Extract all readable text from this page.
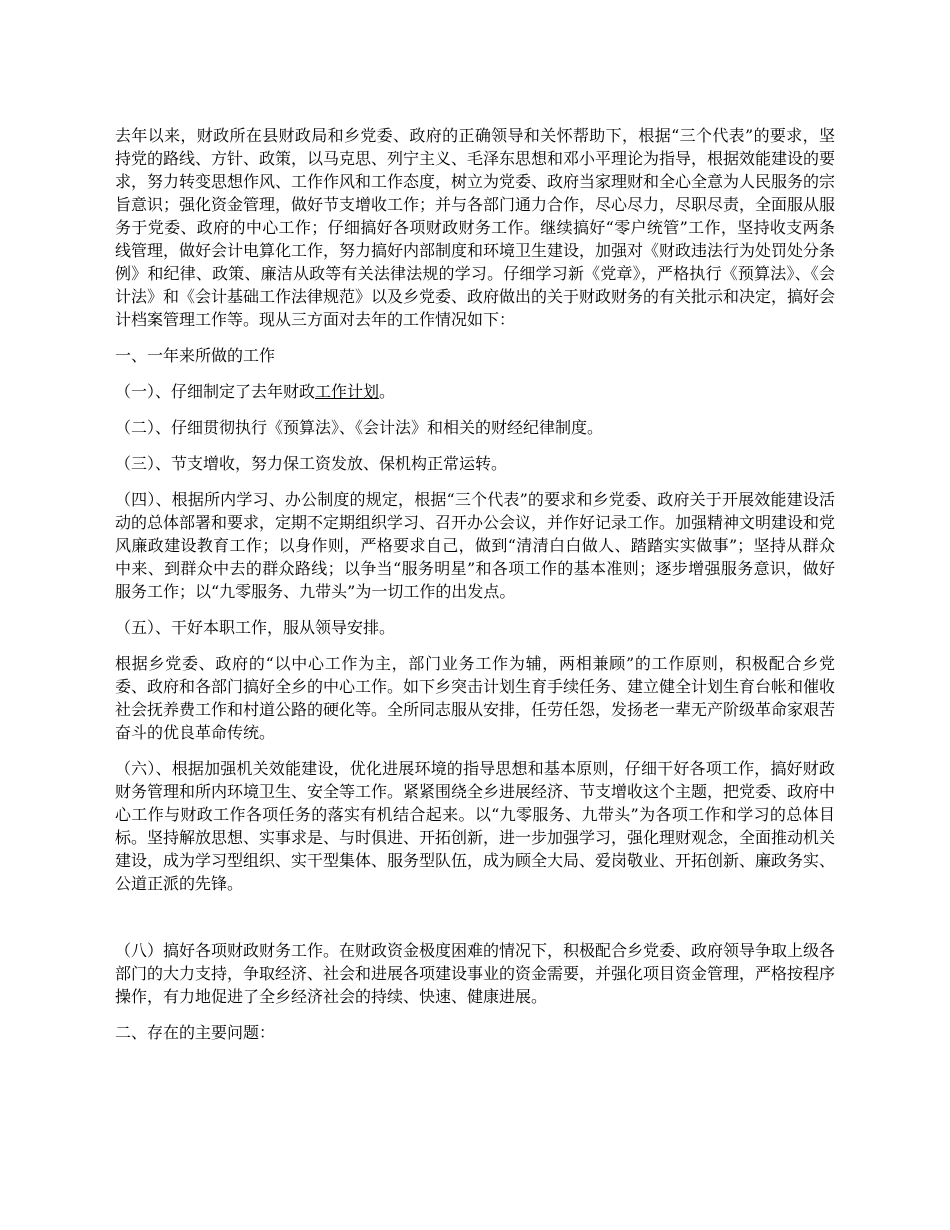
去年以来，财政所在县财政局和乡党委、政府的正确领导和关怀帮助下，根据“三个代表”的要求，坚持党的路线、方针、政策，以马克思、列宁主义、毛泽东思想和邓小平理论为指导，根据效能建设的要求，努力转变思想作风、工作作风和工作态度，树立为党委、政府当家理财和全心全意为人民服务的宗旨意识；强化资金管理，做好节支增收工作；并与各部门通力合作，尽心尽力，尽职尽责，全面服从服务于党委、政府的中心工作；仔细搞好各项财政财务工作。继续搞好“零户统管”工作，坚持收支两条线管理，做好会计电算化工作，努力搞好内部制度和环境卫生建设，加强对《财政违法行为处罚处分条例》和纪律、政策、廉洁从政等有关法律法规的学习。仔细学习新《党章》，严格执行《预算法》、《会计法》和《会计基础工作法律规范》以及乡党委、政府做出的关于财政财务的有关批示和决定，搞好会计档案管理工作等。现从三方面对去年的工作情况如下：

一、一年来所做的工作

（一）、仔细制定了去年财政工作计划。

（二）、仔细贯彻执行《预算法》、《会计法》和相关的财经纪律制度。

（三）、节支增收，努力保工资发放、保机构正常运转。

（四）、根据所内学习、办公制度的规定，根据“三个代表”的要求和乡党委、政府关于开展效能建设活动的总体部署和要求，定期不定期组织学习、召开办公会议，并作好记录工作。加强精神文明建设和党风廉政建设教育工作；以身作则，严格要求自己，做到“清清白白做人、踏踏实实做事”；坚持从群众中来、到群众中去的群众路线；以争当“服务明星”和各项工作的基本准则；逐步增强服务意识，做好服务工作；以“九零服务、九带头”为一切工作的出发点。

（五）、干好本职工作，服从领导安排。

根据乡党委、政府的“以中心工作为主，部门业务工作为辅，两相兼顾”的工作原则，积极配合乡党委、政府和各部门搞好全乡的中心工作。如下乡突击计划生育手续任务、建立健全计划生育台帐和催收社会抚养费工作和村道公路的硬化等。全所同志服从安排，任劳任怨，发扬老一辈无产阶级革命家艰苦奋斗的优良革命传统。

（六）、根据加强机关效能建设，优化进展环境的指导思想和基本原则，仔细干好各项工作，搞好财政财务管理和所内环境卫生、安全等工作。紧紧围绕全乡进展经济、节支增收这个主题，把党委、政府中心工作与财政工作各项任务的落实有机结合起来。以“九零服务、九带头”为各项工作和学习的总体目标。坚持解放思想、实事求是、与时俱进、开拓创新，进一步加强学习，强化理财观念，全面推动机关建设，成为学习型组织、实干型集体、服务型队伍，成为顾全大局、爱岗敬业、开拓创新、廉政务实、公道正派的先锋。

（八）搞好各项财政财务工作。在财政资金极度困难的情况下，积极配合乡党委、政府领导争取上级各部门的大力支持，争取经济、社会和进展各项建设事业的资金需要，并强化项目资金管理，严格按程序操作，有力地促进了全乡经济社会的持续、快速、健康进展。

二、存在的主要问题：
